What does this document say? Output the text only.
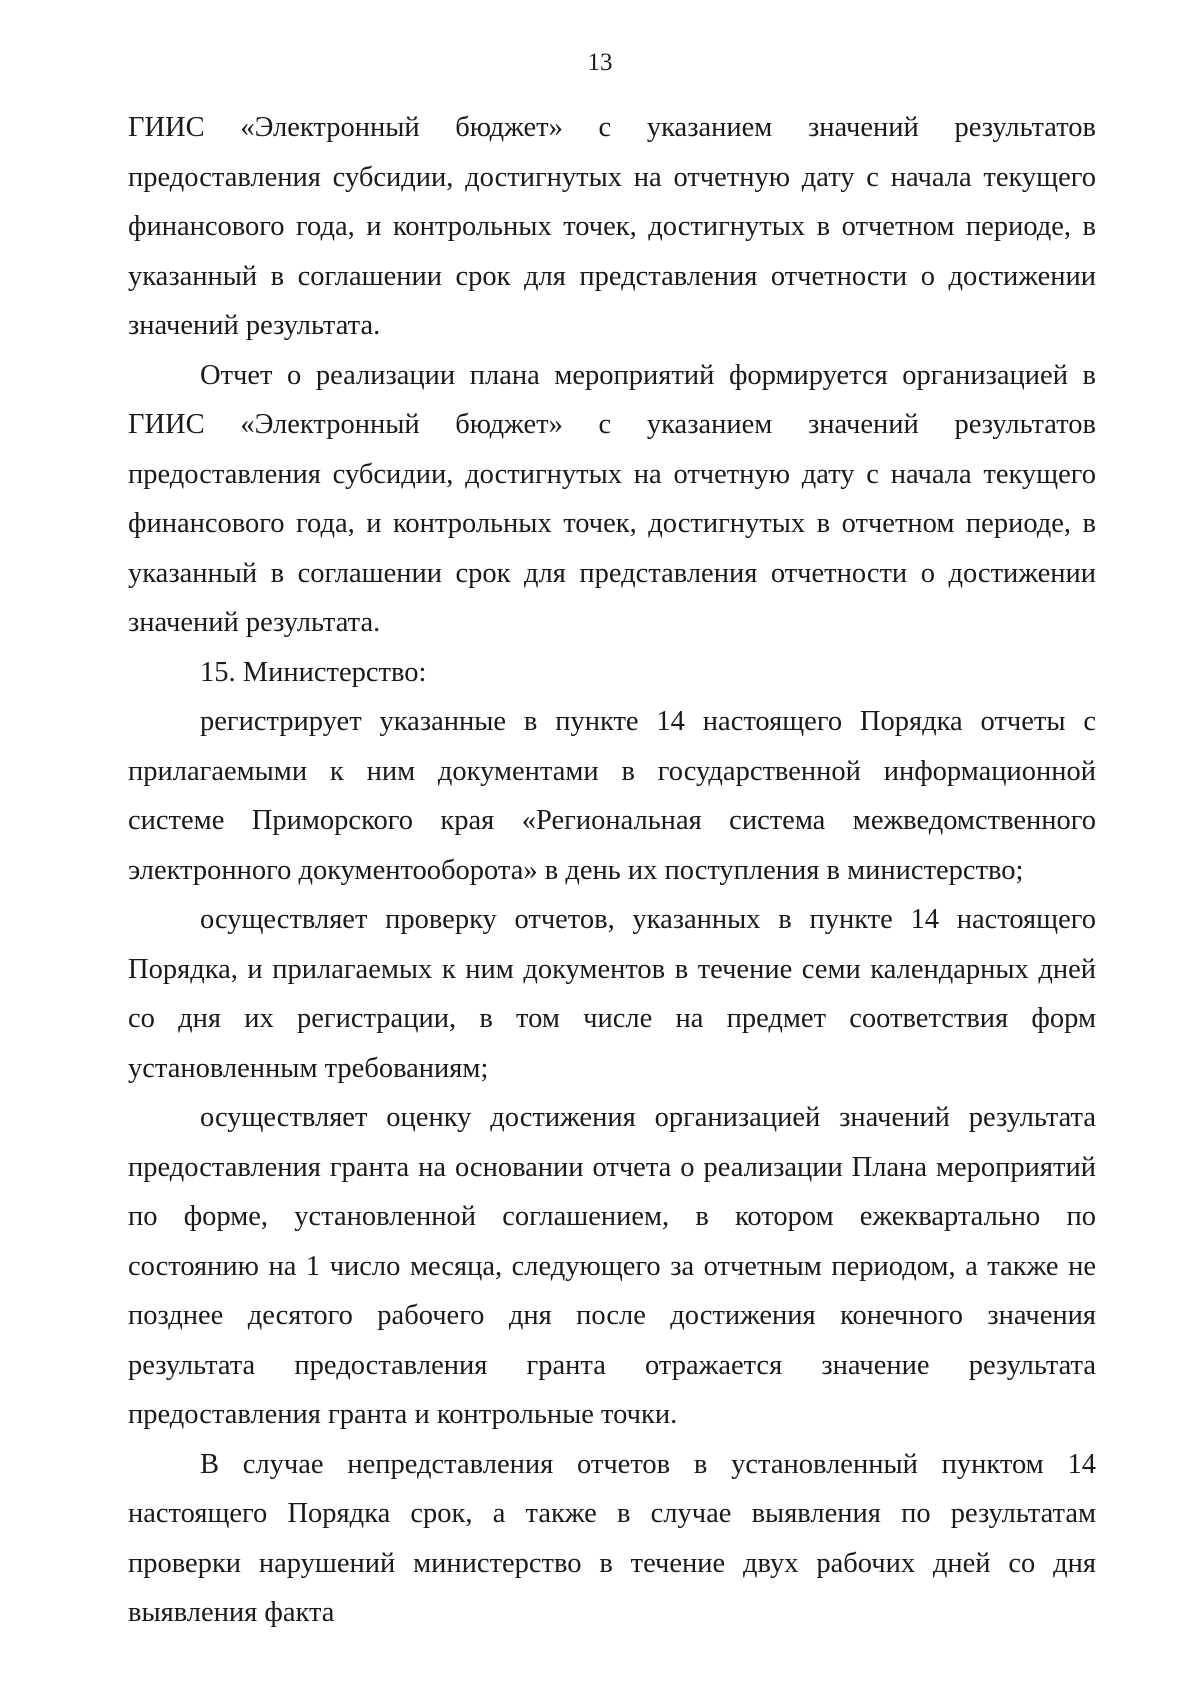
13

ГИИС «Электронный бюджет» с указанием значений результатов предоставления субсидии, достигнутых на отчетную дату с начала текущего финансового года, и контрольных точек, достигнутых в отчетном периоде, в указанный в соглашении срок для представления отчетности о достижении значений результата.

Отчет о реализации плана мероприятий формируется организацией в ГИИС «Электронный бюджет» с указанием значений результатов предоставления субсидии, достигнутых на отчетную дату с начала текущего финансового года, и контрольных точек, достигнутых в отчетном периоде, в указанный в соглашении срок для представления отчетности о достижении значений результата.

15. Министерство:

регистрирует указанные в пункте 14 настоящего Порядка отчеты с прилагаемыми к ним документами в государственной информационной системе Приморского края «Региональная система межведомственного электронного документооборота» в день их поступления в министерство;

осуществляет проверку отчетов, указанных в пункте 14 настоящего Порядка, и прилагаемых к ним документов в течение семи календарных дней со дня их регистрации, в том числе на предмет соответствия форм установленным требованиям;

осуществляет оценку достижения организацией значений результата предоставления гранта на основании отчета о реализации Плана мероприятий по форме, установленной соглашением, в котором ежеквартально по состоянию на 1 число месяца, следующего за отчетным периодом, а также не позднее десятого рабочего дня после достижения конечного значения результата предоставления гранта отражается значение результата предоставления гранта и контрольные точки.

В случае непредставления отчетов в установленный пунктом 14 настоящего Порядка срок, а также в случае выявления по результатам проверки нарушений министерство в течение двух рабочих дней со дня выявления факта
